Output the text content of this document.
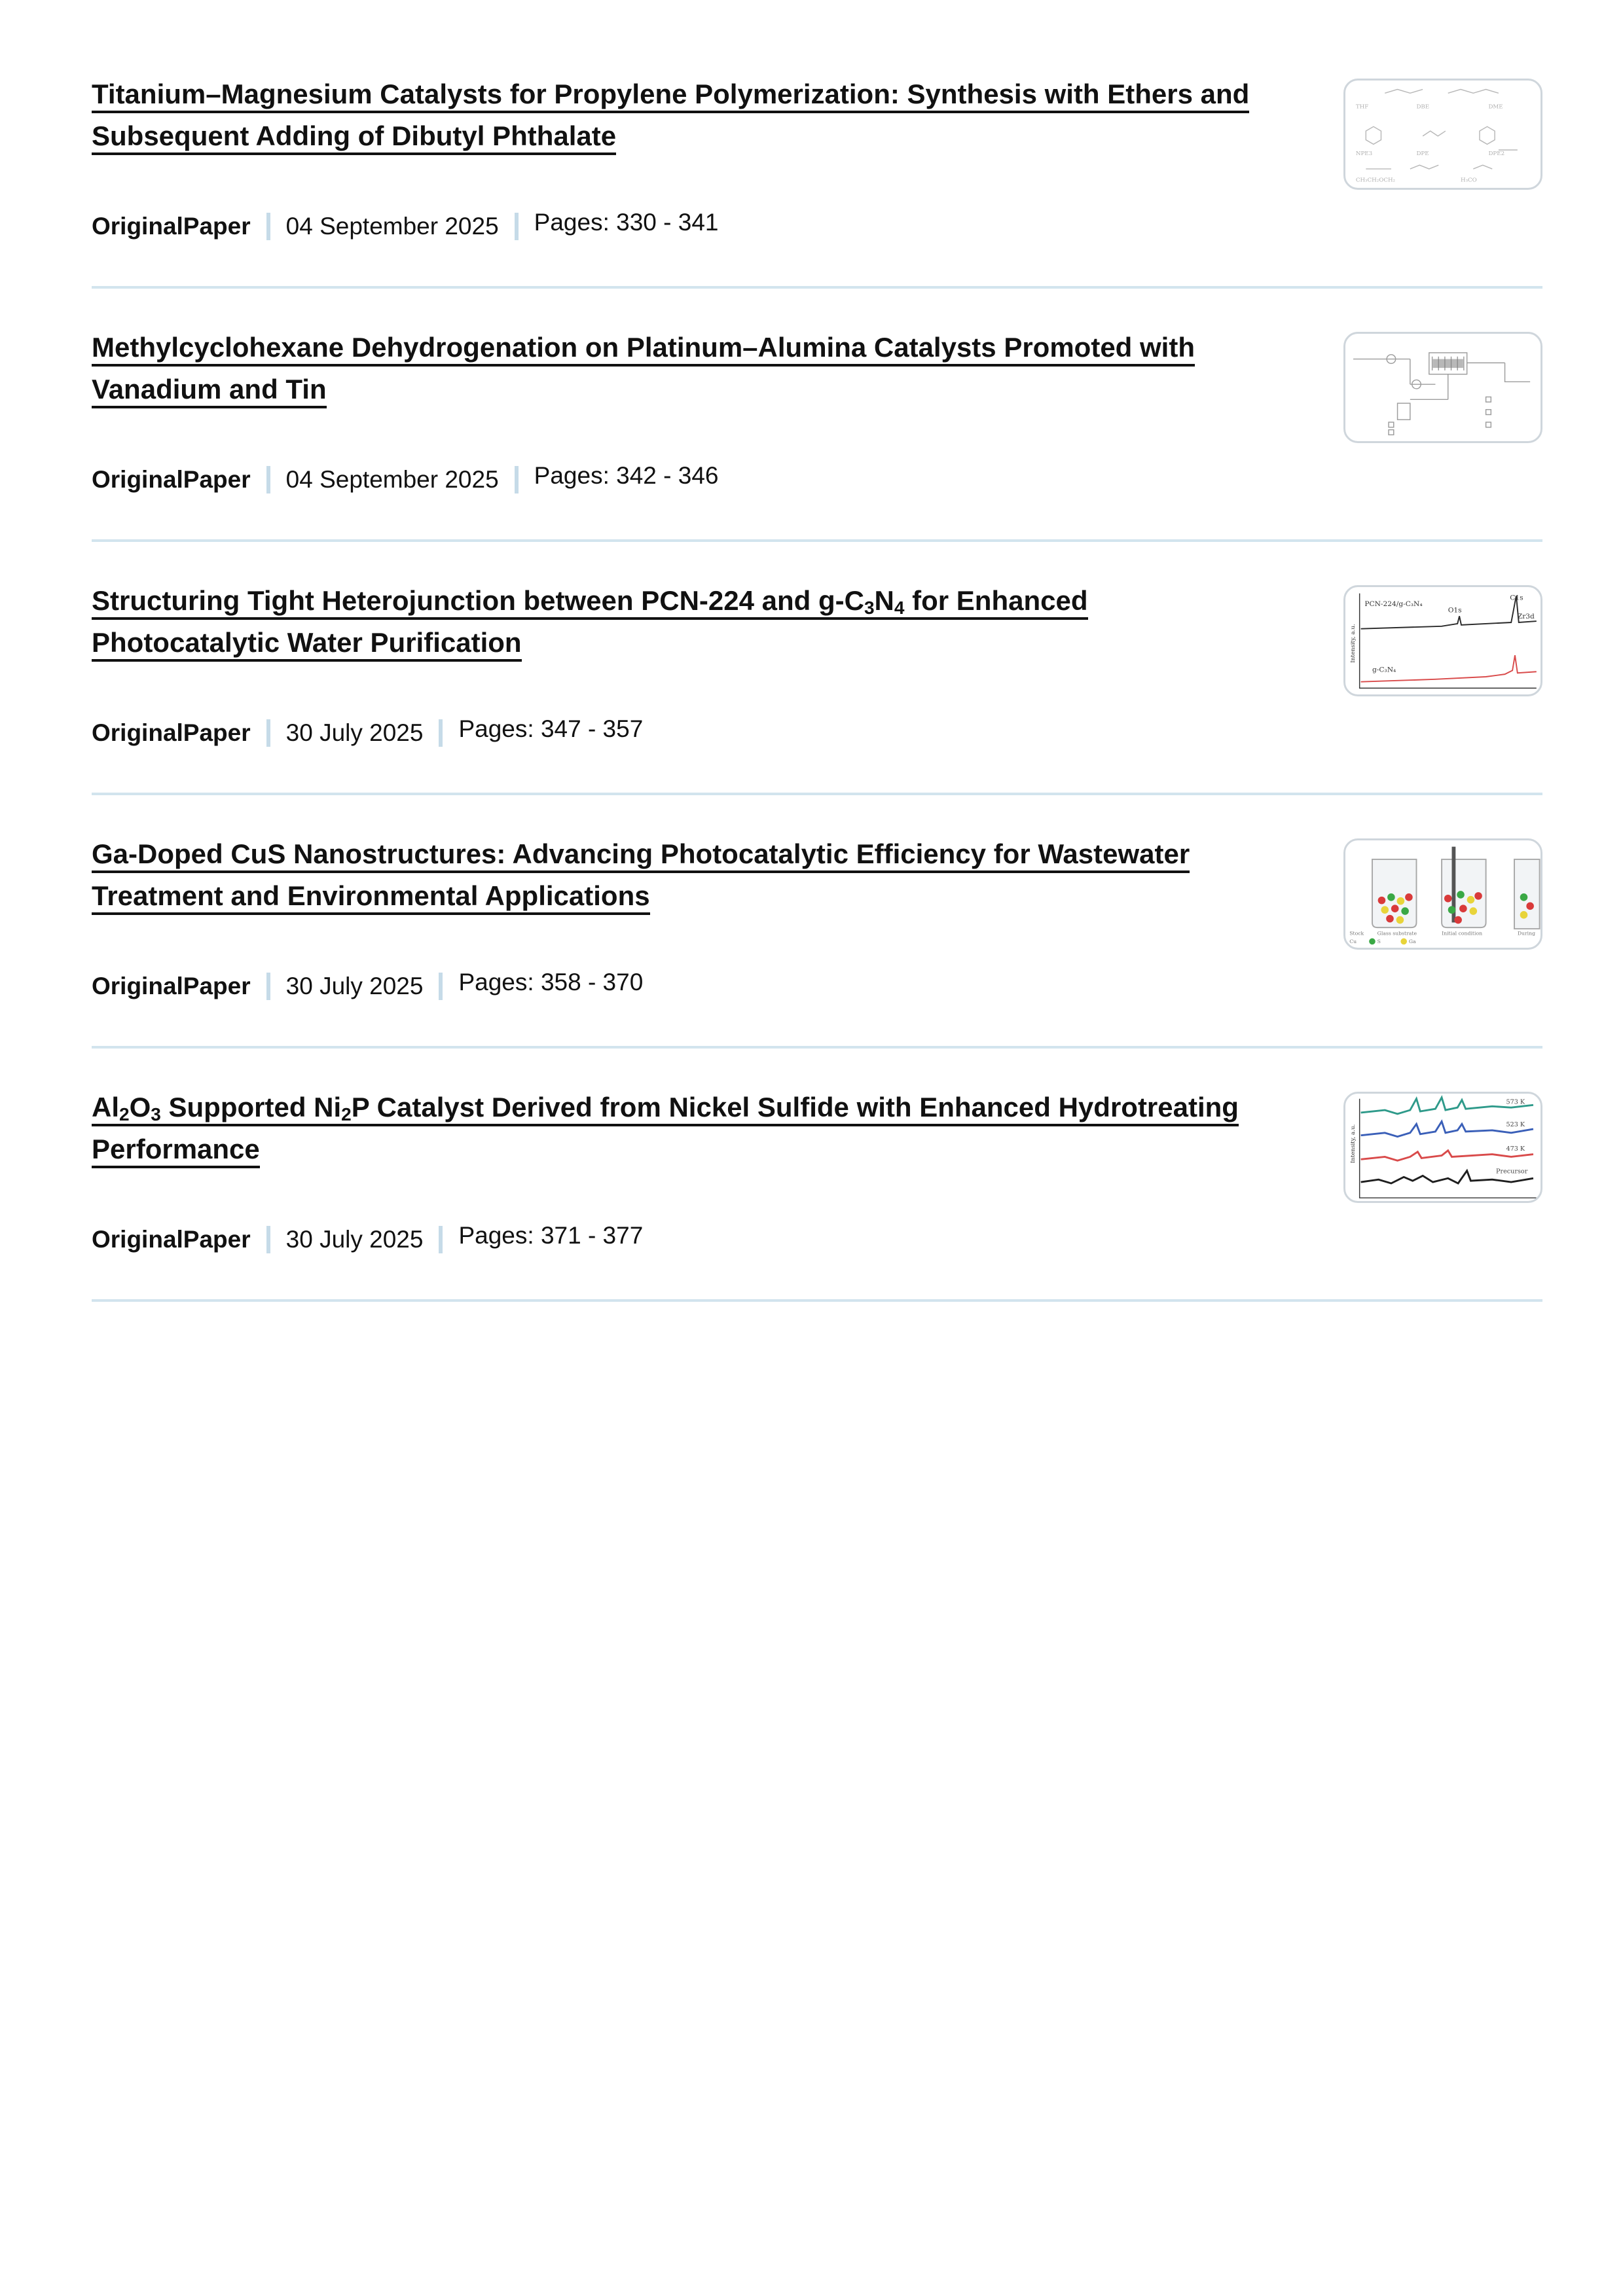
Titanium–Magnesium Catalysts for Propylene Polymerization: Synthesis with Ethers and Subsequent Adding of Dibutyl Phthalate
OriginalPaper 04 September 2025 Pages: 330 - 341
THF	DBE	DME
NPE3	DPE	DPE2
CH₃CH₂OCH₂	H₃CO
Methylcyclohexane Dehydrogenation on Platinum–Alumina Catalysts Promoted with Vanadium and Tin
OriginalPaper 04 September 2025 Pages: 342 - 346
Structuring Tight Heterojunction between PCN-224 and $g-C_3N_4$ for Enhanced Photocatalytic Water Purification
OriginalPaper 30 July 2025 Pages: 347 - 357
PCN-224/g-C₃N₄
O1s
C1s
Zr3d
g-C₃N₄
Intensity, a.u.
Ga-Doped CuS Nanostructures: Advancing Photocatalytic Efficiency for Wastewater Treatment and Environmental Applications
OriginalPaper 30 July 2025 Pages: 358 - 370
Stock	Glass substrate	Initial condition	During
Cu	S	Ga
$Al_2O_3$ Supported $Ni_2P$ Catalyst Derived from Nickel Sulfide with Enhanced Hydrotreating Performance
OriginalPaper 30 July 2025 Pages: 371 - 377
573 K
523 K
473 K
Precursor
Intensity, a.u.
